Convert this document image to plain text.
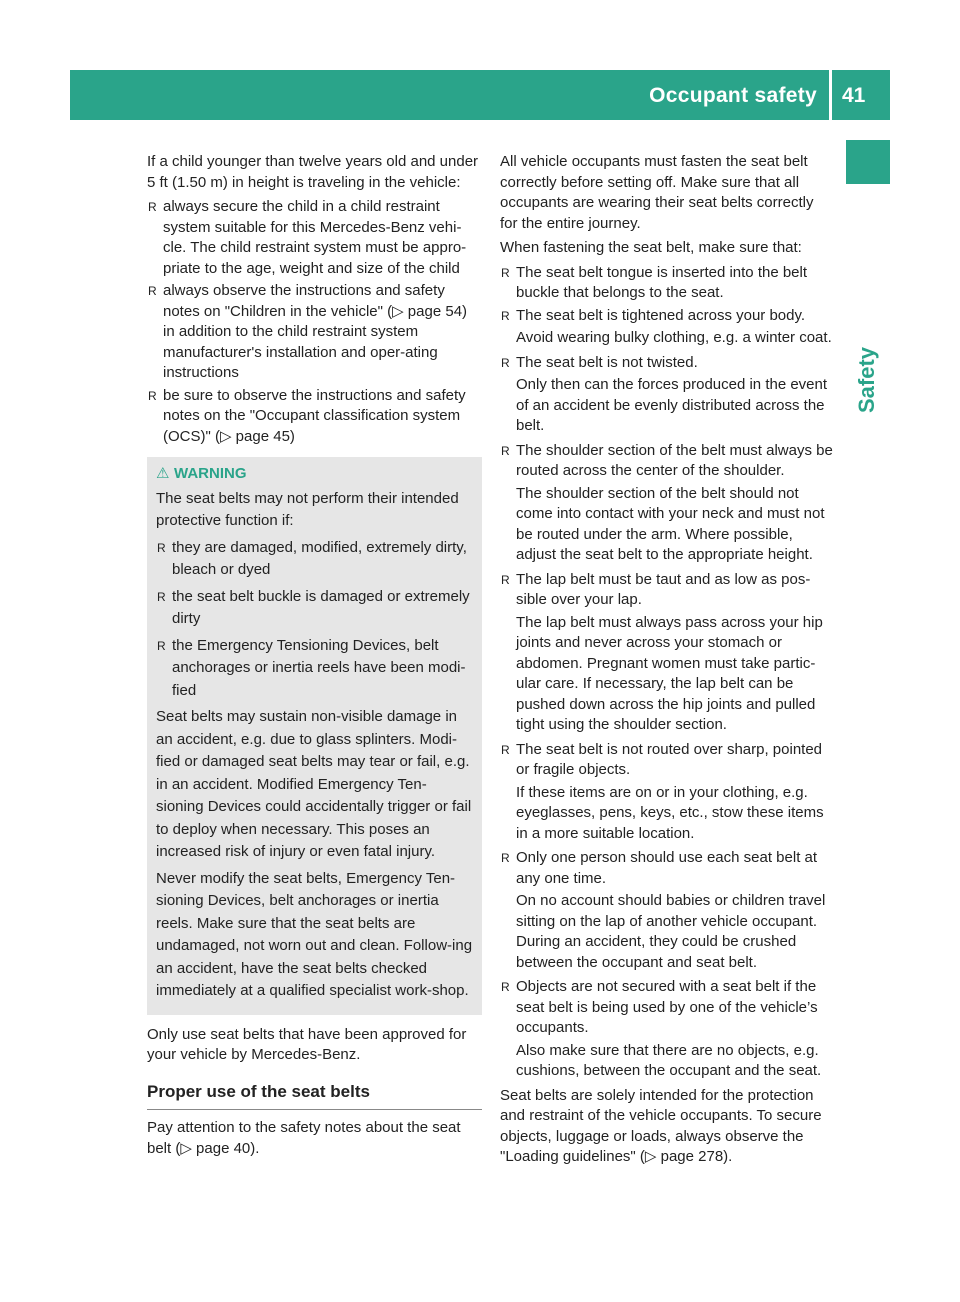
Occupant safety 41
Safety

If a child younger than twelve years old and under 5 ft (1.50 m) in height is traveling in the vehicle:

R always secure the child in a child restraint system suitable for this Mercedes-Benz vehi-cle. The child restraint system must be appro-priate to the age, weight and size of the child
R always observe the instructions and safety notes on "Children in the vehicle" (▷ page 54) in addition to the child restraint system manufacturer's installation and oper-ating instructions
R be sure to observe the instructions and safety notes on the "Occupant classification system (OCS)" (▷ page 45)
⚠ WARNING

The seat belts may not perform their intended protective function if:

R they are damaged, modified, extremely dirty, bleach or dyed
R the seat belt buckle is damaged or extremely dirty
R the Emergency Tensioning Devices, belt anchorages or inertia reels have been modi-fied

Seat belts may sustain non-visible damage in an accident, e.g. due to glass splinters. Modi-fied or damaged seat belts may tear or fail, e.g. in an accident. Modified Emergency Ten-sioning Devices could accidentally trigger or fail to deploy when necessary. This poses an increased risk of injury or even fatal injury.

Never modify the seat belts, Emergency Ten-sioning Devices, belt anchorages or inertia reels. Make sure that the seat belts are undamaged, not worn out and clean. Follow-ing an accident, have the seat belts checked immediately at a qualified specialist work-shop.

Only use seat belts that have been approved for your vehicle by Mercedes-Benz.

Proper use of the seat belts

Pay attention to the safety notes about the seat belt (▷ page 40).

All vehicle occupants must fasten the seat belt correctly before setting off. Make sure that all occupants are wearing their seat belts correctly for the entire journey.

When fastening the seat belt, make sure that:

R The seat belt tongue is inserted into the belt buckle that belongs to the seat.
R The seat belt is tightened across your body.
Avoid wearing bulky clothing, e.g. a winter coat.
R The seat belt is not twisted.
Only then can the forces produced in the event of an accident be evenly distributed across the belt.
R The shoulder section of the belt must always be routed across the center of the shoulder.
The shoulder section of the belt should not come into contact with your neck and must not be routed under the arm. Where possible, adjust the seat belt to the appropriate height.
R The lap belt must be taut and as low as pos-sible over your lap.
The lap belt must always pass across your hip joints and never across your stomach or abdomen. Pregnant women must take partic-ular care. If necessary, the lap belt can be pushed down across the hip joints and pulled tight using the shoulder section.
R The seat belt is not routed over sharp, pointed or fragile objects.
If these items are on or in your clothing, e.g. eyeglasses, pens, keys, etc., stow these items in a more suitable location.
R Only one person should use each seat belt at any one time.
On no account should babies or children travel sitting on the lap of another vehicle occupant. During an accident, they could be crushed between the occupant and seat belt.
R Objects are not secured with a seat belt if the seat belt is being used by one of the vehicle’s occupants.
Also make sure that there are no objects, e.g. cushions, between the occupant and the seat.

Seat belts are solely intended for the protection and restraint of the vehicle occupants. To secure objects, luggage or loads, always observe the "Loading guidelines" (▷ page 278).
